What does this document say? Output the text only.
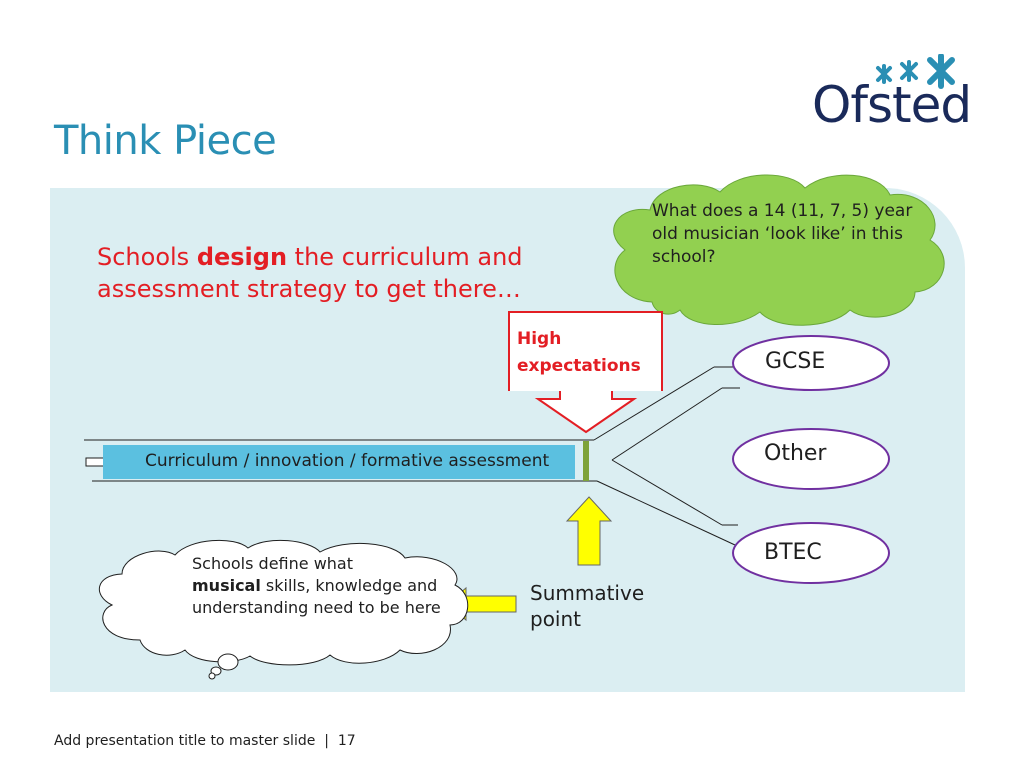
Think Piece
Ofsted
Schools design the curriculum and assessment strategy to get there…
High
expectations
Curriculum / innovation / formative assessment
What does a 14 (11, 7, 5) year old musician ‘look like’ in this school?
GCSE
Other
BTEC
Schools define what
musical skills, knowledge and understanding need to be here
Summative
point
Add presentation title to master slide | 17
